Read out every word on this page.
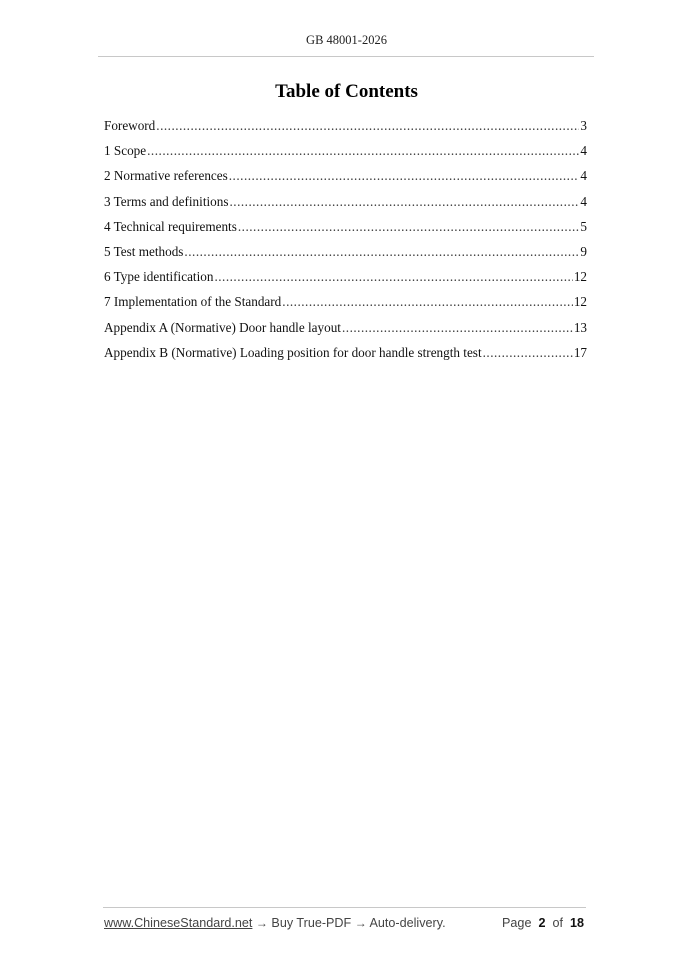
GB 48001-2026
Table of Contents
Foreword .....	3
1 Scope .....	4
2 Normative references .....	4
3 Terms and definitions .....	4
4 Technical requirements .....	5
5 Test methods .....	9
6 Type identification .....	12
7 Implementation of the Standard .....	12
Appendix A (Normative) Door handle layout .....	13
Appendix B (Normative) Loading position for door handle strength test .....	17
www.ChineseStandard.net → Buy True-PDF → Auto-delivery.	Page 2 of 18
